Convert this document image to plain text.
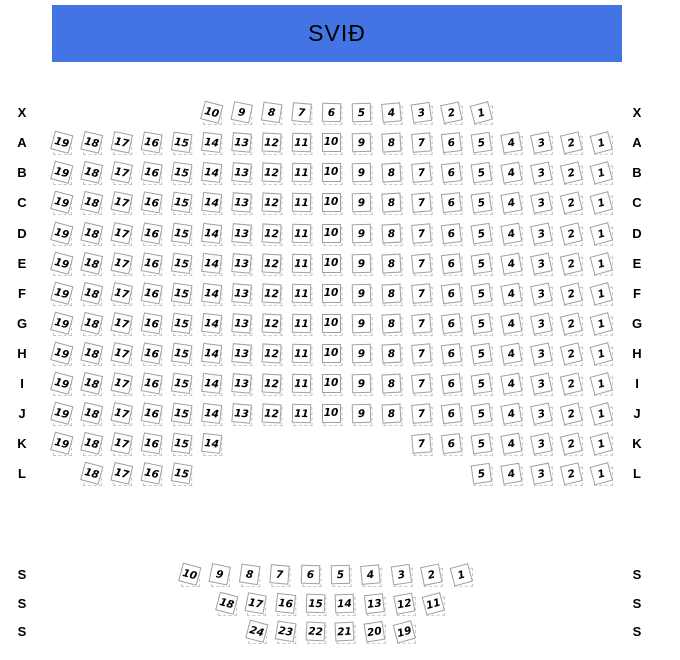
SVIÐ
X	X
10	9	8	7	6	5	4	3	2	1
A	A
19 18 17 16 15 14 13 12 11 10	9	8	7	6	5	4	3	2	1
B	B
19 18 17 16 15 14 13 12 11 10	9	8	7	6	5	4	3	2	1
C	C
19 18 17 16 15 14 13 12 11 10	9	8	7	6	5	4	3	2	1
D	D
19 18 17 16 15 14 13 12 11 10	9	8	7	6	5	4	3	2	1
E	E
19 18 17 16 15 14 13 12 11 10	9	8	7	6	5	4	3	2	1
F	F
19 18 17 16 15 14 13 12 11 10	9	8	7	6	5	4	3	2	1
G	G
19 18 17 16 15 14 13 12 11 10	9	8	7	6	5	4	3	2	1
H	H
19 18 17 16 15 14 13 12 11 10	9	8	7	6	5	4	3	2	1
I	I
19 18 17 16 15 14 13 12 11 10	9	8	7	6	5	4	3	2	1
J	J
19 18 17 16 15 14 13 12 11 10	9	8	7	6	5	4	3	2	1
K	K
19 18 17 16 15 14	7	6	5	4	3	2	1
L	L
18 17 16 15	5	4	3	2	1
S	S
10	9	8	7	6	5	4	3	2	1
S	S
18 17 16 15 14 13 12 11
S	S
24 23 22 21 20 19
